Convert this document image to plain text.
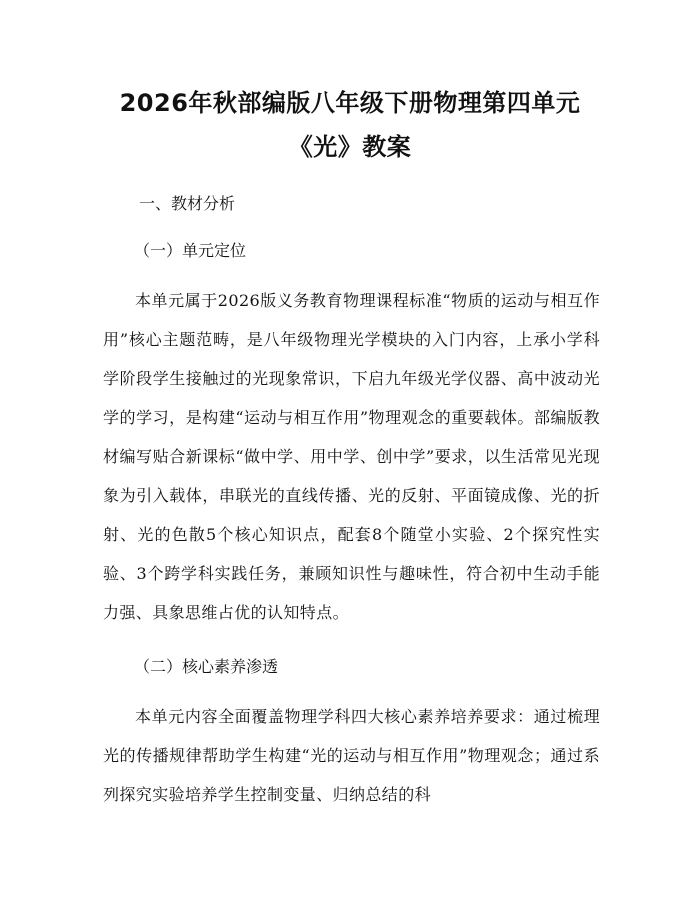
2026年秋部编版八年级下册物理第四单元
《光》教案

一、教材分析

（一）单元定位

本单元属于2026版义务教育物理课程标准“物质的运动与相互作用”核心主题范畴，是八年级物理光学模块的入门内容，上承小学科学阶段学生接触过的光现象常识，下启九年级光学仪器、高中波动光学的学习，是构建“运动与相互作用”物理观念的重要载体。部编版教材编写贴合新课标“做中学、用中学、创中学”要求，以生活常见光现象为引入载体，串联光的直线传播、光的反射、平面镜成像、光的折射、光的色散5个核心知识点，配套8个随堂小实验、2个探究性实验、3个跨学科实践任务，兼顾知识性与趣味性，符合初中生动手能力强、具象思维占优的认知特点。

（二）核心素养渗透

本单元内容全面覆盖物理学科四大核心素养培养要求：通过梳理光的传播规律帮助学生构建“光的运动与相互作用”物理观念；通过系列探究实验培养学生控制变量、归纳总结的科
